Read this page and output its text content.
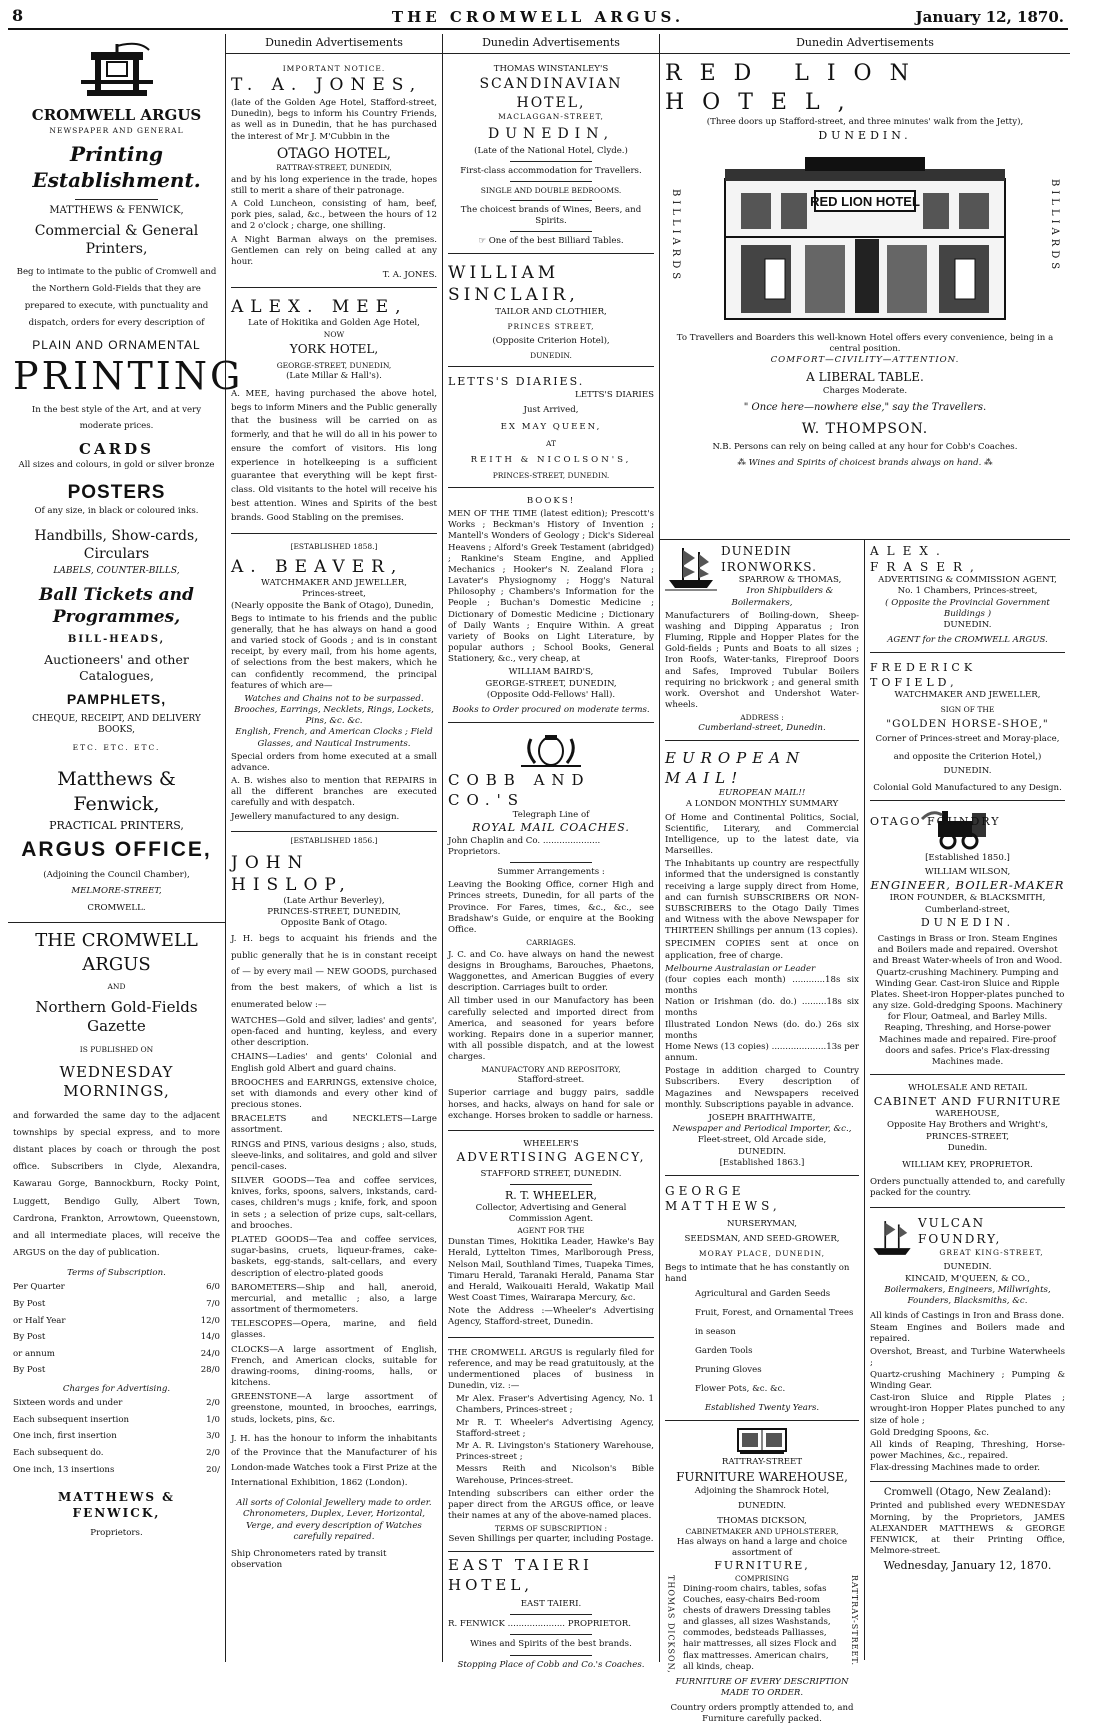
8	THE CROMWELL ARGUS.	January 12, 1870.
CROMWELL ARGUS
NEWSPAPER AND GENERAL
Printing Establishment.
MATTHEWS & FENWICK,
Commercial & General Printers,

Beg to intimate to the public of Cromwell and the Northern Gold-Fields that they are prepared to execute, with punctuality and dispatch, orders for every description of

PLAIN AND ORNAMENTAL
PRINTING

In the best style of the Art, and at very moderate prices.

CARDS
All sizes and colours, in gold or silver bronze
POSTERS
Of any size, in black or coloured inks.
Handbills, Show-cards, Circulars
LABELS, COUNTER-BILLS,
Ball Tickets and Programmes,
BILL-HEADS,
Auctioneers' and other Catalogues,
PAMPHLETS,
CHEQUE, RECEIPT, AND DELIVERY BOOKS,
ETC. ETC. ETC.
Matthews & Fenwick,
PRACTICAL PRINTERS,
ARGUS OFFICE,
(Adjoining the Council Chamber),
MELMORE-STREET,
CROMWELL.
THE CROMWELL ARGUS
AND
Northern Gold-Fields Gazette
IS PUBLISHED ON
WEDNESDAY MORNINGS,

and forwarded the same day to the adjacent townships by special express, and to more distant places by coach or through the post office. Subscribers in Clyde, Alexandra, Kawarau Gorge, Bannockburn, Rocky Point, Luggett, Bendigo Gully, Albert Town, Cardrona, Frankton, Arrowtown, Queenstown, and all intermediate places, will receive the ARGUS on the day of publication.

Terms of Subscription.
Per Quarter	6/0
By Post	7/0
or Half Year	12/0
By Post	14/0
or annum	24/0
By Post	28/0
Charges for Advertising.
Sixteen words and under	2/0
Each subsequent insertion	1/0
One inch, first insertion	3/0
Each subsequent do.	2/0
One inch, 13 insertions	20/
MATTHEWS & FENWICK,
Proprietors.
Dunedin Advertisements
IMPORTANT NOTICE.
T. A. JONES,

(late of the Golden Age Hotel, Stafford-street, Dunedin), begs to inform his Country Friends, as well as in Dunedin, that he has purchased the interest of Mr J. M'Cubbin in the

OTAGO HOTEL,
RATTRAY-STREET, DUNEDIN,

and by his long experience in the trade, hopes still to merit a share of their patronage.

A Cold Luncheon, consisting of ham, beef, pork pies, salad, &c., between the hours of 12 and 2 o'clock ; charge, one shilling.

A Night Barman always on the premises. Gentlemen can rely on being called at any hour.

T. A. JONES.
ALEX. MEE,
Late of Hokitika and Golden Age Hotel,
NOW
YORK HOTEL,
GEORGE-STREET, DUNEDIN,
(Late Millar & Hall's).

A. MEE, having purchased the above hotel, begs to inform Miners and the Public generally that the business will be carried on as formerly, and that he will do all in his power to ensure the comfort of visitors. His long experience in hotelkeeping is a sufficient guarantee that everything will be kept first-class. Old visitants to the hotel will receive his best attention. Wines and Spirits of the best brands. Good Stabling on the premises.

[ESTABLISHED 1858.]
A. BEAVER,
WATCHMAKER AND JEWELLER,
Princes-street,
(Nearly opposite the Bank of Otago), Dunedin,

Begs to intimate to his friends and the public generally, that he has always on hand a good and varied stock of Goods ; and is in constant receipt, by every mail, from his home agents, of selections from the best makers, which he can confidently recommend, the principal features of which are—

Watches and Chains not to be surpassed.
Brooches, Earrings, Necklets, Rings, Lockets, Pins, &c. &c.
English, French, and American Clocks ; Field Glasses, and Nautical Instruments.

Special orders from home executed at a small advance.

A. B. wishes also to mention that REPAIRS in all the different branches are executed carefully and with despatch.

Jewellery manufactured to any design.

[ESTABLISHED 1856.]
JOHN HISLOP,
(Late Arthur Beverley),
PRINCES-STREET, DUNEDIN,
Opposite Bank of Otago.

J. H. begs to acquaint his friends and the public generally that he is in constant receipt of — by every mail — NEW GOODS, purchased from the best makers, of which a list is enumerated below :—

WATCHES—Gold and silver, ladies' and gents', open-faced and hunting, keyless, and every other description.

CHAINS—Ladies' and gents' Colonial and English gold Albert and guard chains.

BROOCHES and EARRINGS, extensive choice, set with diamonds and every other kind of precious stones.

BRACELETS and NECKLETS—Large assortment.

RINGS and PINS, various designs ; also, studs, sleeve-links, and solitaires, and gold and silver pencil-cases.

SILVER GOODS—Tea and coffee services, knives, forks, spoons, salvers, inkstands, card-cases, children's mugs ; knife, fork, and spoon in sets ; a selection of prize cups, salt-cellars, and brooches.

PLATED GOODS—Tea and coffee services, sugar-basins, cruets, liqueur-frames, cake-baskets, egg-stands, salt-cellars, and every description of electro-plated goods

BAROMETERS—Ship and hall, aneroid, mercurial, and metallic ; also, a large assortment of thermometers.

TELESCOPES—Opera, marine, and field glasses.

CLOCKS—A large assortment of English, French, and American clocks, suitable for drawing-rooms, dining-rooms, halls, or kitchens.

GREENSTONE—A large assortment of greenstone, mounted, in brooches, earrings, studs, lockets, pins, &c.

J. H. has the honour to inform the inhabitants of the Province that the Manufacturer of his London-made Watches took a First Prize at the International Exhibition, 1862 (London).

All sorts of Colonial Jewellery made to order.
Chronometers, Duplex, Lever, Horizontal, Verge, and every description of Watches carefully repaired.
Ship Chronometers rated by transit observation
Dunedin Advertisements
THOMAS WINSTANLEY'S
SCANDINAVIAN HOTEL,
MACLAGGAN-STREET,
DUNEDIN,
(Late of the National Hotel, Clyde.)
First-class accommodation for Travellers.
SINGLE AND DOUBLE BEDROOMS.
The choicest brands of Wines, Beers, and Spirits.
☞ One of the best Billiard Tables.
WILLIAM SINCLAIR,
TAILOR AND CLOTHIER,
PRINCES STREET,
(Opposite Criterion Hotel),
DUNEDIN.
LETTS'S DIARIES.
LETTS'S DIARIES
Just Arrived,
EX MAY QUEEN,
AT
REITH & NICOLSON'S,
PRINCES-STREET, DUNEDIN.
BOOKS!

MEN OF THE TIME (latest edition); Prescott's Works ; Beckman's History of Invention ; Mantell's Wonders of Geology ; Dick's Sidereal Heavens ; Alford's Greek Testament (abridged) ; Rankine's Steam Engine, and Applied Mechanics ; Hooker's N. Zealand Flora ; Lavater's Physiognomy ; Hogg's Natural Philosophy ; Chambers's Information for the People ; Buchan's Domestic Medicine ; Dictionary of Domestic Medicine ; Dictionary of Daily Wants ; Enquire Within. A great variety of Books on Light Literature, by popular authors ; School Books, General Stationery, &c., very cheap, at

WILLIAM BAIRD'S,
GEORGE-STREET, DUNEDIN,
(Opposite Odd-Fellows' Hall).
Books to Order procured on moderate terms.
COBB AND CO.'S
Telegraph Line of
ROYAL MAIL COACHES.
John Chaplin and Co. ..................... Proprietors.
Summer Arrangements :

Leaving the Booking Office, corner High and Princes streets, Dunedin, for all parts of the Province. For Fares, times, &c., &c., see Bradshaw's Guide, or enquire at the Booking Office.

CARRIAGES.

J. C. and Co. have always on hand the newest designs in Broughams, Barouches, Phaetons, Waggonettes, and American Buggies of every description. Carriages built to order.

All timber used in our Manufactory has been carefully selected and imported direct from America, and seasoned for years before working. Repairs done in a superior manner, with all possible dispatch, and at the lowest charges.

MANUFACTORY AND REPOSITORY,
Stafford-street.

Superior carriage and buggy pairs, saddle horses, and hacks, always on hand for sale or exchange. Horses broken to saddle or harness.

WHEELER'S
ADVERTISING AGENCY,
STAFFORD STREET, DUNEDIN.
R. T. WHEELER,
Collector, Advertising and General Commission Agent.
AGENT FOR THE

Dunstan Times, Hokitika Leader, Hawke's Bay Herald, Lyttelton Times, Marlborough Press, Nelson Mail, Southland Times, Tuapeka Times, Timaru Herald, Taranaki Herald, Panama Star and Herald, Waikouaiti Herald, Wakatip Mail West Coast Times, Wairarapa Mercury, &c.

Note the Address :—Wheeler's Advertising Agency, Stafford-street, Dunedin.

THE CROMWELL ARGUS is regularly filed for reference, and may be read gratuitously, at the undermentioned places of business in Dunedin, viz. :—

Mr Alex. Fraser's Advertising Agency, No. 1 Chambers, Princes-street ;

Mr R. T. Wheeler's Advertising Agency, Stafford-street ;

Mr A. R. Livingston's Stationery Warehouse, Princes-street ;

Messrs Reith and Nicolson's Bible Warehouse, Princes-street.

Intending subscribers can either order the paper direct from the ARGUS office, or leave their names at any of the above-named places.

TERMS OF SUBSCRIPTION :
Seven Shillings per quarter, including Postage.
EAST TAIERI HOTEL,
EAST TAIERI.
R. FENWICK ..................... PROPRIETOR.
Wines and Spirits of the best brands.
Stopping Place of Cobb and Co.'s Coaches.
Dunedin Advertisements
RED LION HOTEL,
(Three doors up Stafford-street, and three minutes' walk from the Jetty),
DUNEDIN.
BILLIARDS	RED LION HOTEL	BILLIARDS
To Travellers and Boarders this well-known Hotel offers every convenience, being in a central position.
COMFORT—CIVILITY—ATTENTION.
A LIBERAL TABLE.
Charges Moderate.
" Once here—nowhere else," say the Travellers.
W. THOMPSON.
N.B. Persons can rely on being called at any hour for Cobb's Coaches.
⁂ Wines and Spirits of choicest brands always on hand. ⁂
DUNEDIN IRONWORKS.
SPARROW & THOMAS,
Iron Shipbuilders & Boilermakers,

Manufacturers of Boiling-down, Sheep-washing and Dipping Apparatus ; Iron Fluming, Ripple and Hopper Plates for the Gold-fields ; Punts and Boats to all sizes ; Iron Roofs, Water-tanks, Fireproof Doors and Safes, Improved Tubular Boilers requiring no brickwork ; and general smith work. Overshot and Undershot Water-wheels.

ADDRESS :
Cumberland-street, Dunedin.
EUROPEAN MAIL!
EUROPEAN MAIL!!
A LONDON MONTHLY SUMMARY

Of Home and Continental Politics, Social, Scientific, Literary, and Commercial Intelligence, up to the latest date, via Marseilles.

The Inhabitants up country are respectfully informed that the undersigned is constantly receiving a large supply direct from Home, and can furnish SUBSCRIBERS OR NON-SUBSCRIBERS to the Otago Daily Times and Witness with the above Newspaper for THIRTEEN Shillings per annum (13 copies).

SPECIMEN COPIES sent at once on application, free of charge.

Melbourne Australasian or Leader

(four copies each month) ............18s six months

Nation or Irishman (do. do.) .........18s six months

Illustrated London News (do. do.) 26s six months

Home News (13 copies) ....................13s per annum.

Postage in addition charged to Country Subscribers. Every description of Magazines and Newspapers received monthly. Subscriptions payable in advance.

JOSEPH BRAITHWAITE,
Newspaper and Periodical Importer, &c.,
Fleet-street, Old Arcade side,
DUNEDIN.
[Established 1863.]
GEORGE MATTHEWS,
NURSERYMAN,
SEEDSMAN, AND SEED-GROWER,
MORAY PLACE, DUNEDIN,
Begs to intimate that he has constantly on hand

Agricultural and Garden Seeds

Fruit, Forest, and Ornamental Trees in season

Garden Tools

Pruning Gloves

Flower Pots, &c. &c.

Established Twenty Years.
RATTRAY-STREET
FURNITURE WAREHOUSE,
Adjoining the Shamrock Hotel,
DUNEDIN.
THOMAS DICKSON,
CABINETMAKER AND UPHOLSTERER,
Has always on hand a large and choice assortment of
FURNITURE,
COMPRISING
Dining-room chairs, tables, sofas Couches, easy-chairs Bed-room chests of drawers Dressing tables and glasses, all sizes Washstands, commodes, bedsteads Palliasses, hair mattresses, all sizes Flock and flax mattresses. American chairs, all kinds, cheap.
THOMAS DICKSON,	RATTRAY-STREET.
FURNITURE OF EVERY DESCRIPTION MADE TO ORDER.
Country orders promptly attended to, and Furniture carefully packed.
ALEX. FRASER,
ADVERTISING & COMMISSION AGENT,
No. 1 Chambers, Princes-street,
( Opposite the Provincial Government Buildings )
DUNEDIN.
AGENT for the CROMWELL ARGUS.
FREDERICK TOFIELD,
WATCHMAKER AND JEWELLER,
SIGN OF THE
"GOLDEN HORSE-SHOE,"
Corner of Princes-street and Moray-place, and opposite the Criterion Hotel,)
DUNEDIN.
Colonial Gold Manufactured to any Design.
OTAGO FOUNDRY
[Established 1850.]
WILLIAM WILSON,
ENGINEER, BOILER-MAKER
IRON FOUNDER, & BLACKSMITH,
Cumberland-street,
DUNEDIN.
Castings in Brass or Iron. Steam Engines and Boilers made and repaired. Overshot and Breast Water-wheels of Iron and Wood. Quartz-crushing Machinery. Pumping and Winding Gear. Cast-iron Sluice and Ripple Plates. Sheet-iron Hopper-plates punched to any size. Gold-dredging Spoons. Machinery for Flour, Oatmeal, and Barley Mills. Reaping, Threshing, and Horse-power Machines made and repaired. Fire-proof doors and safes. Price's Flax-dressing Machines made.
WHOLESALE AND RETAIL
CABINET AND FURNITURE
WAREHOUSE,
Opposite Hay Brothers and Wright's,
PRINCES-STREET,
Dunedin.
WILLIAM KEY, PROPRIETOR.

Orders punctually attended to, and carefully packed for the country.

VULCAN FOUNDRY,
GREAT KING-STREET,
DUNEDIN.
KINCAID, M'QUEEN, & CO.,
Boilermakers, Engineers, Millwrights, Founders, Blacksmiths, &c.

All kinds of Castings in Iron and Brass done.

Steam Engines and Boilers made and repaired.

Overshot, Breast, and Turbine Waterwheels ;

Quartz-crushing Machinery ; Pumping & Winding Gear.

Cast-iron Sluice and Ripple Plates ; wrought-iron Hopper Plates punched to any size of hole ;

Gold Dredging Spoons, &c.

All kinds of Reaping, Threshing, Horse-power Machines, &c., repaired.

Flax-dressing Machines made to order.

Cromwell (Otago, New Zealand):

Printed and published every WEDNESDAY Morning, by the Proprietors, JAMES ALEXANDER MATTHEWS & GEORGE FENWICK, at their Printing Office, Melmore-street.

Wednesday, January 12, 1870.
